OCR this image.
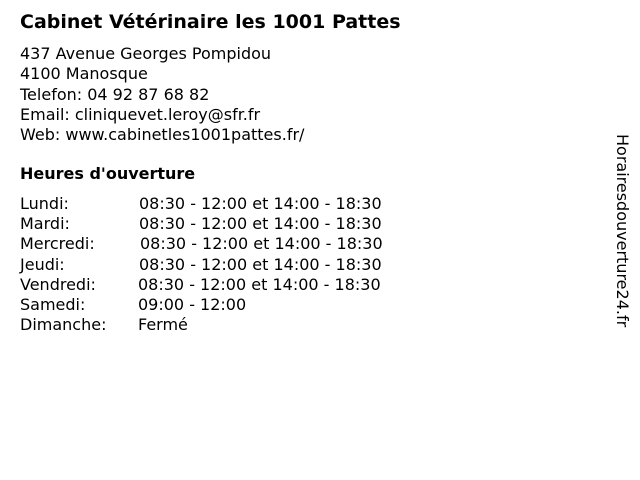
Cabinet Vétérinaire les 1001 Pattes
437 Avenue Georges Pompidou
4100 Manosque
Telefon: 04 92 87 68 82
Email: cliniquevet.leroy@sfr.fr
Web: www.cabinetles1001pattes.fr/
Heures d'ouverture
Lundi:	08:30 - 12:00 et 14:00 - 18:30
Mardi:	08:30 - 12:00 et 14:00 - 18:30
Mercredi:	08:30 - 12:00 et 14:00 - 18:30
Jeudi:	08:30 - 12:00 et 14:00 - 18:30
Vendredi:	08:30 - 12:00 et 14:00 - 18:30
Samedi:	09:00 - 12:00
Dimanche: Fermé	Horairesdouverture24.fr
